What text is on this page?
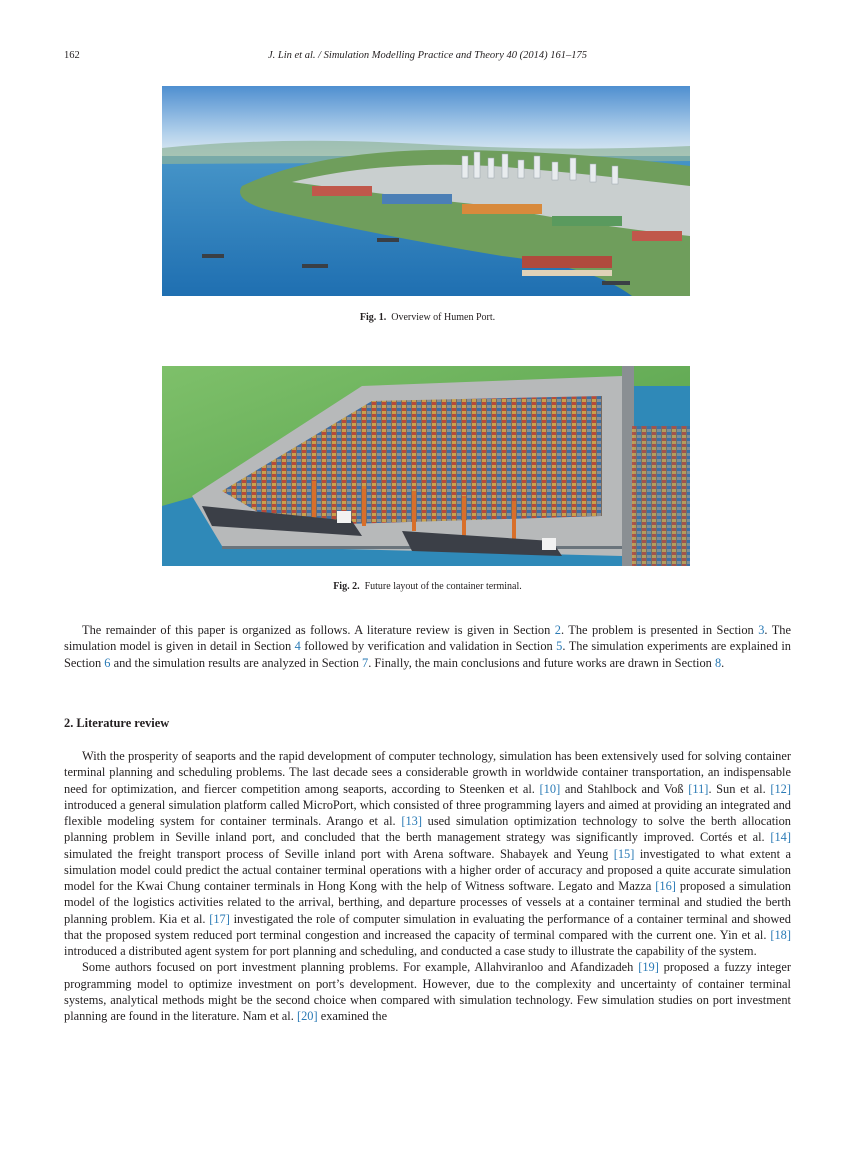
162	J. Lin et al. / Simulation Modelling Practice and Theory 40 (2014) 161–175
Fig. 1. Overview of Humen Port.
Fig. 2. Future layout of the container terminal.

The remainder of this paper is organized as follows. A literature review is given in Section 2. The problem is presented in Section 3. The simulation model is given in detail in Section 4 followed by verification and validation in Section 5. The simulation experiments are explained in Section 6 and the simulation results are analyzed in Section 7. Finally, the main conclusions and future works are drawn in Section 8.

2. Literature review

With the prosperity of seaports and the rapid development of computer technology, simulation has been extensively used for solving container terminal planning and scheduling problems. The last decade sees a considerable growth in worldwide container transportation, an indispensable need for optimization, and fiercer competition among seaports, according to Steenken et al. [10] and Stahlbock and Voß [11]. Sun et al. [12] introduced a general simulation platform called MicroPort, which consisted of three programming layers and aimed at providing an integrated and flexible modeling system for container terminals. Arango et al. [13] used simulation optimization technology to solve the berth allocation planning problem in Seville inland port, and concluded that the berth management strategy was significantly improved. Cortés et al. [14] simulated the freight transport process of Seville inland port with Arena software. Shabayek and Yeung [15] investigated to what extent a simulation model could predict the actual container terminal operations with a higher order of accuracy and proposed a quite accurate simulation model for the Kwai Chung container terminals in Hong Kong with the help of Witness software. Legato and Mazza [16] proposed a simulation model of the logistics activities related to the arrival, berthing, and departure processes of vessels at a container terminal and studied the berth planning problem. Kia et al. [17] investigated the role of computer simulation in evaluating the performance of a container terminal and showed that the proposed system reduced port terminal congestion and increased the capacity of terminal compared with the current one. Yin et al. [18] introduced a distributed agent system for port planning and scheduling, and conducted a case study to illustrate the capability of the system.

Some authors focused on port investment planning problems. For example, Allahviranloo and Afandizadeh [19] proposed a fuzzy integer programming model to optimize investment on port’s development. However, due to the complexity and uncertainty of container terminal systems, analytical methods might be the second choice when compared with simulation technology. Few simulation studies on port investment planning are found in the literature. Nam et al. [20] examined the
